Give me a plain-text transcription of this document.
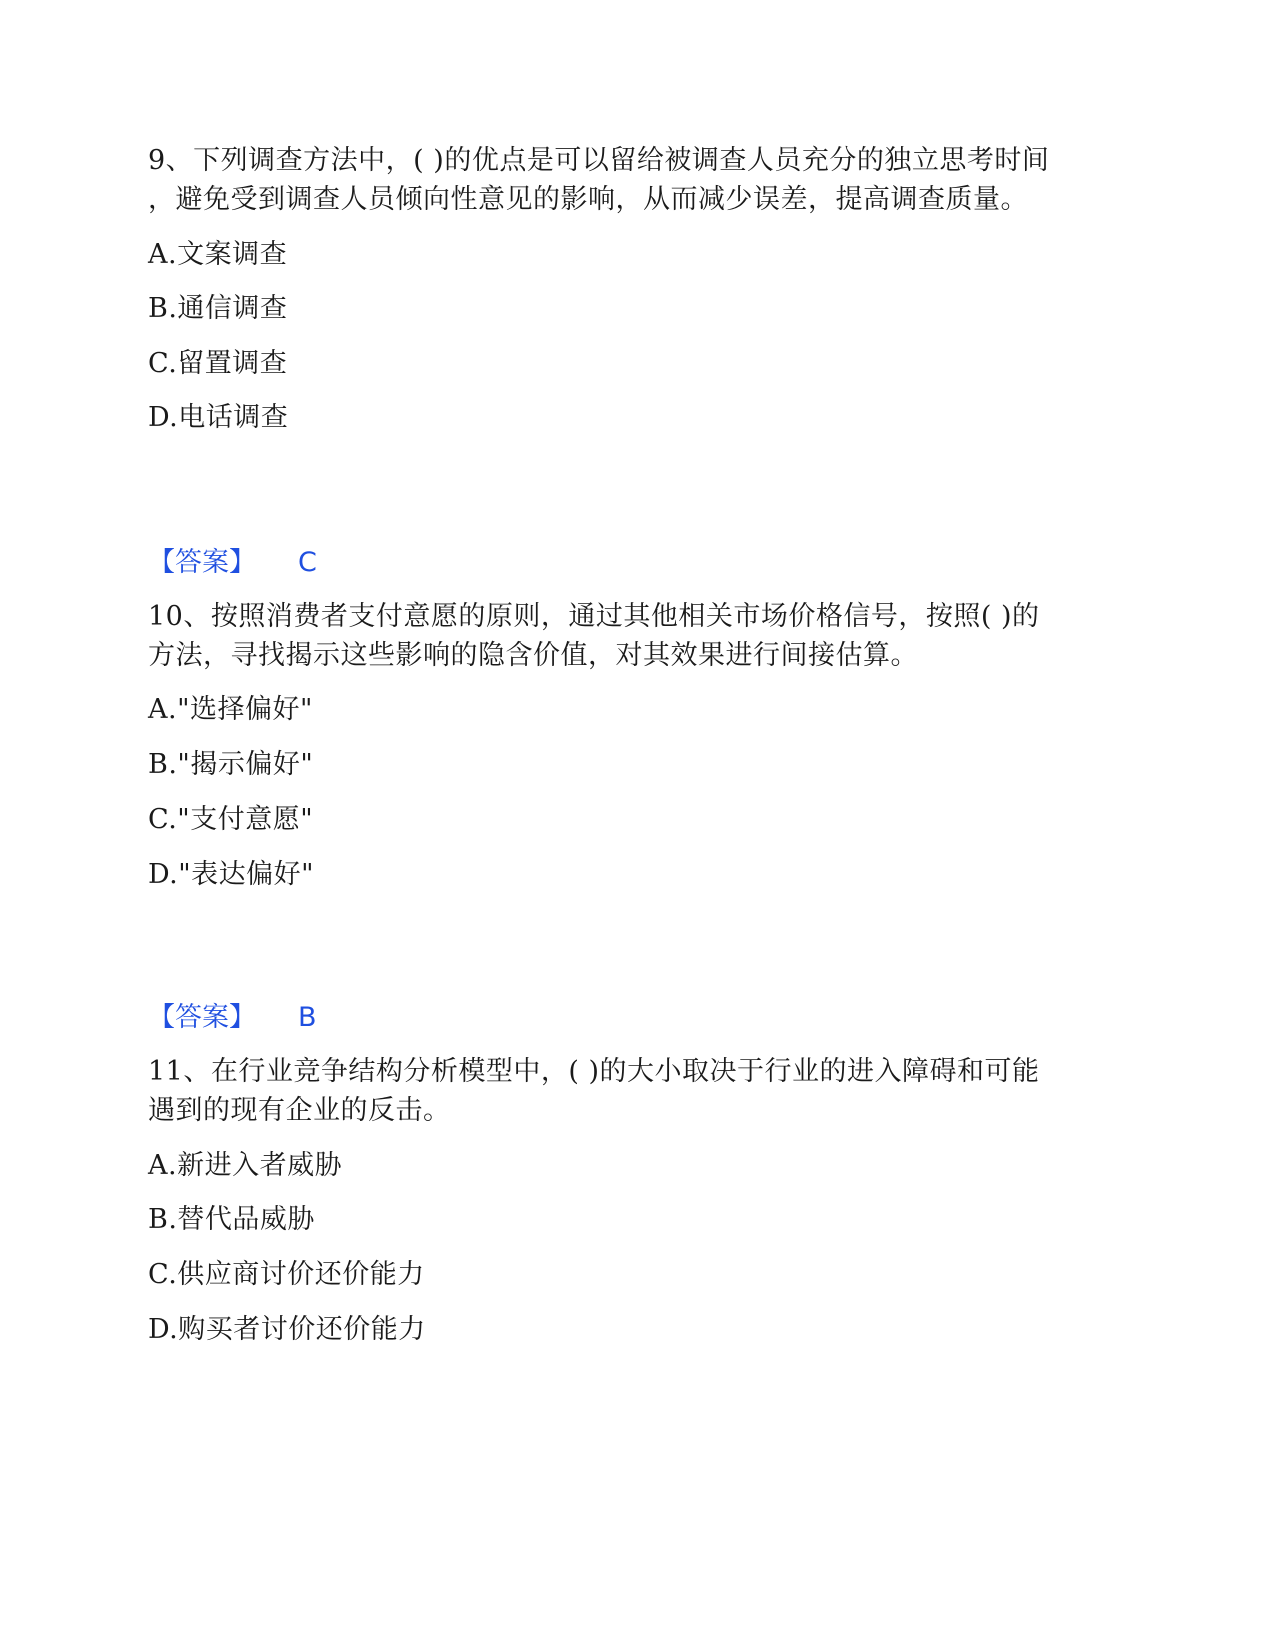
9、下列调查方法中，( )的优点是可以留给被调查人员充分的独立思考时间
，避免受到调查人员倾向性意见的影响，从而减少误差，提高调查质量。
A.文案调查
B.通信调查
C.留置调查
D.电话调查
【答案】 C
10、按照消费者支付意愿的原则，通过其他相关市场价格信号，按照( )的
方法，寻找揭示这些影响的隐含价值，对其效果进行间接估算。
A."选择偏好"
B."揭示偏好"
C."支付意愿"
D."表达偏好"
【答案】 B
11、在行业竞争结构分析模型中，( )的大小取决于行业的进入障碍和可能
遇到的现有企业的反击。
A.新进入者威胁
B.替代品威胁
C.供应商讨价还价能力
D.购买者讨价还价能力
